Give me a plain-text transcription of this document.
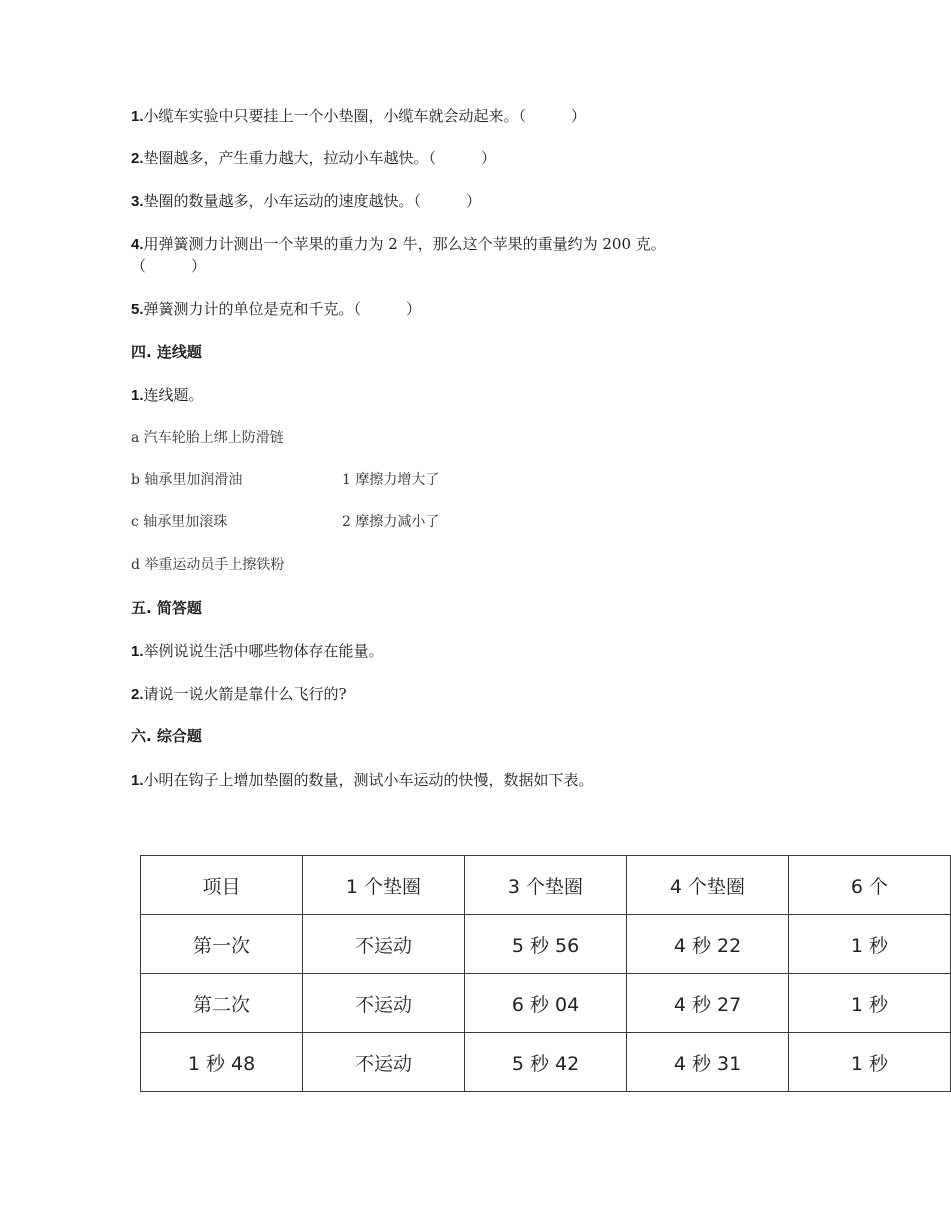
1.小缆车实验中只要挂上一个小垫圈，小缆车就会动起来。（　　　）
2.垫圈越多，产生重力越大，拉动小车越快。（　　　）
3.垫圈的数量越多，小车运动的速度越快。（　　　）
4.用弹簧测力计测出一个苹果的重力为 2 牛，那么这个苹果的重量约为 200 克。
（　　　）
5.弹簧测力计的单位是克和千克。（　　　）
四. 连线题
1.连线题。
a 汽车轮胎上绑上防滑链
b 轴承里加润滑油	1 摩擦力增大了
c 轴承里加滚珠	2 摩擦力减小了
d 举重运动员手上擦铁粉
五. 简答题
1.举例说说生活中哪些物体存在能量。
2.请说一说火箭是靠什么飞行的?
六. 综合题
1.小明在钩子上增加垫圈的数量，测试小车运动的快慢，数据如下表。
项目	1 个垫圈	3 个垫圈	4 个垫圈	6 个
第一次	不运动	5 秒 56	4 秒 22	1 秒
第二次	不运动	6 秒 04	4 秒 27	1 秒
1 秒 48	不运动	5 秒 42	4 秒 31	1 秒
